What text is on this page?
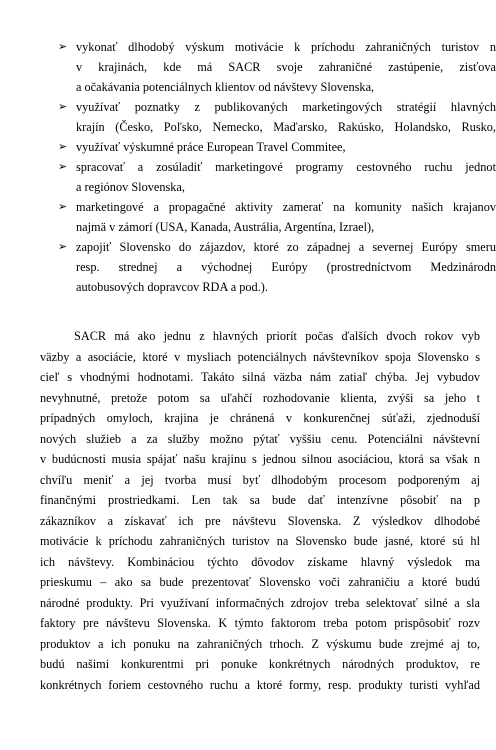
➢ vykonať dlhodobý výskum motivácie k príchodu zahraničných turistov n
v krajinách, kde má SACR svoje zahraničné zastúpenie, zisťova
a očakávania potenciálnych klientov od návštevy Slovenska,
➢ využívať poznatky z publikovaných marketingových stratégií hlavných
krajín (Česko, Poľsko, Nemecko, Maďarsko, Rakúsko, Holandsko, Rusko,
➢ využívať výskumné práce European Travel Commitee,
➢ spracovať a zosúladiť marketingové programy cestovného ruchu jednot
a regiónov Slovenska,
➢ marketingové a propagačné aktivity zamerať na komunity našich krajanov
najmä v zámorí (USA, Kanada, Austrália, Argentína, Izrael),
➢ zapojiť Slovensko do zájazdov, ktoré zo západnej a severnej Európy smeru
resp. strednej a východnej Európy (prostredníctvom Medzinárodn
autobusových dopravcov RDA a pod.).
SACR má ako jednu z hlavných priorít počas ďalších dvoch rokov vyb
väzby a asociácie, ktoré v mysliach potenciálnych návštevníkov spoja Slovensko s
cieľ s vhodnými hodnotami. Takáto silná väzba nám zatiaľ chýba. Jej vybudov
nevyhnutné, pretože potom sa uľahčí rozhodovanie klienta, zvýši sa jeho t
prípadných omyloch, krajina je chránená v konkurenčnej súťaži, zjednoduší
nových služieb a za služby možno pýtať vyššiu cenu. Potenciálni návštevní
v budúcnosti musia spájať našu krajinu s jednou silnou asociáciou, ktorá sa však n
chvíľu meniť a jej tvorba musí byť dlhodobým procesom podporeným aj
finančnými prostriedkami. Len tak sa bude dať intenzívne pôsobiť na p
zákazníkov a získavať ich pre návštevu Slovenska. Z výsledkov dlhodobé
motivácie k príchodu zahraničných turistov na Slovensko bude jasné, ktoré sú hl
ich návštevy. Kombináciou týchto dôvodov získame hlavný výsledok ma
prieskumu – ako sa bude prezentovať Slovensko voči zahraničiu a ktoré budú
národné produkty. Pri využívaní informačných zdrojov treba selektovať silné a sla
faktory pre návštevu Slovenska. K týmto faktorom treba potom prispôsobiť rozv
produktov a ich ponuku na zahraničných trhoch. Z výskumu bude zrejmé aj to,
budú našimi konkurentmi pri ponuke konkrétnych národných produktov, re
konkrétnych foriem cestovného ruchu a ktoré formy, resp. produkty turisti vyhľad
